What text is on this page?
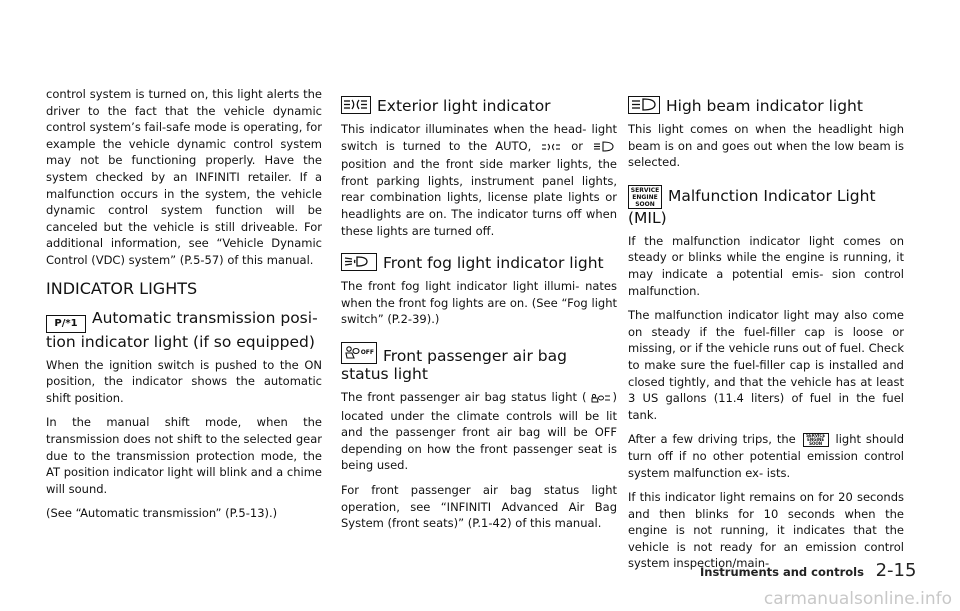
control system is turned on, this light alerts the driver to the fact that the vehicle dynamic control system’s fail-safe mode is operating, for example the vehicle dynamic control system may not be functioning properly. Have the system checked by an INFINITI retailer. If a malfunction occurs in the system, the vehicle dynamic control system function will be canceled but the vehicle is still driveable. For additional information, see “Vehicle Dynamic Control (VDC) system” (P.5-57) of this manual.

INDICATOR LIGHTS
P/*1 Automatic transmission posi- tion indicator light (if so equipped)

When the ignition switch is pushed to the ON position, the indicator shows the automatic shift position.

In the manual shift mode, when the transmission does not shift to the selected gear due to the transmission protection mode, the AT position indicator light will blink and a chime will sound.

(See “Automatic transmission” (P.5-13).)

Exterior light indicator

This indicator illuminates when the head- light switch is turned to the AUTO,	or  position and the front side marker lights, the front parking lights, instrument panel lights, rear combination lights, license plate lights or headlights are on. The indicator turns off when these lights are turned off.

Front fog light indicator light

The front fog light indicator light illumi- nates when the front fog lights are on. (See “Fog light switch” (P.2-39).)

OFF Front passenger air bag status light

The front passenger air bag status light ( ) located under the climate controls will be lit and the passenger front air bag will be OFF depending on how the front passenger seat is being used.

For front passenger air bag status light operation, see “INFINITI Advanced Air Bag System (front seats)” (P.1-42) of this manual.

High beam indicator light

This light comes on when the headlight high beam is on and goes out when the low beam is selected.

SERVICE ENGINE SOON Malfunction Indicator Light (MIL)

If the malfunction indicator light comes on steady or blinks while the engine is running, it may indicate a potential emis- sion control malfunction.

The malfunction indicator light may also come on steady if the fuel-filler cap is loose or missing, or if the vehicle runs out of fuel. Check to make sure the fuel-filler cap is installed and closed tightly, and that the vehicle has at least 3 US gallons (11.4 liters) of fuel in the fuel tank.

After a few driving trips, the	SERVICE ENGINE SOON light should turn off if no other potential emission control system malfunction ex- ists.

If this indicator light remains on for 20 seconds and then blinks for 10 seconds when the engine is not running, it indicates that the vehicle is not ready for an emission control system inspection/main-

Instruments and controls 2-15
carmanualsonline.info
